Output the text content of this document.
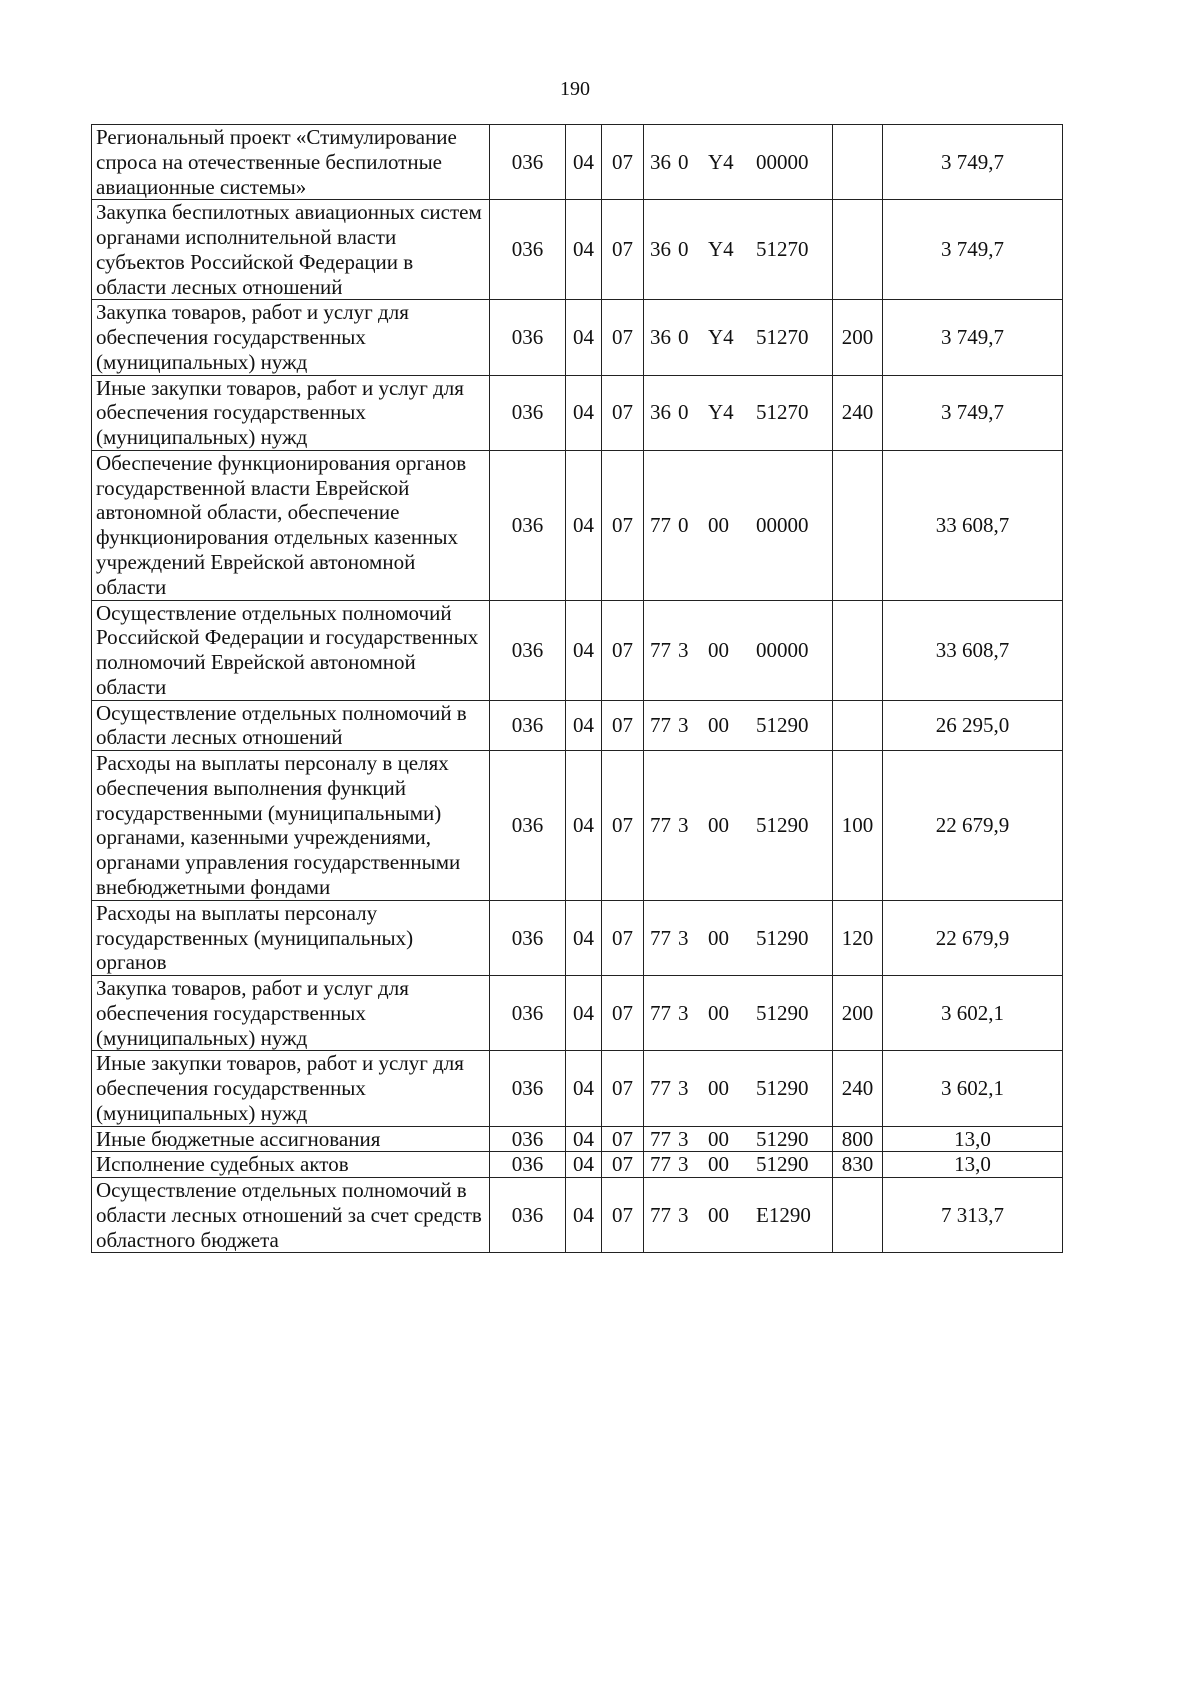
190
Региональный проект «Стимулирование спроса на отечественные беспилотные авиационные системы»	036	04	07	36 0 Y4 00000		3 749,7
Закупка беспилотных авиационных систем органами исполнительной власти субъектов Российской Федерации в области лесных отношений	036	04	07	36 0 Y4 51270		3 749,7
Закупка товаров, работ и услуг для обеспечения государственных (муниципальных) нужд	036	04	07	36 0 Y4 51270	200	3 749,7
Иные закупки товаров, работ и услуг для обеспечения государственных (муниципальных) нужд	036	04	07	36 0 Y4 51270	240	3 749,7
Обеспечение функционирования органов государственной власти Еврейской автономной области, обеспечение функционирования отдельных казенных учреждений Еврейской автономной области	036	04	07	77 0 00 00000		33 608,7
Осуществление отдельных полномочий Российской Федерации и государственных полномочий Еврейской автономной области	036	04	07	77 3 00 00000		33 608,7
Осуществление отдельных полномочий в области лесных отношений	036	04	07	77 3 00 51290		26 295,0
Расходы на выплаты персоналу в целях обеспечения выполнения функций государственными (муниципальными) органами, казенными учреждениями, органами управления государственными внебюджетными фондами	036	04	07	77 3 00 51290	100	22 679,9
Расходы на выплаты персоналу государственных (муниципальных) органов	036	04	07	77 3 00 51290	120	22 679,9
Закупка товаров, работ и услуг для обеспечения государственных (муниципальных) нужд	036	04	07	77 3 00 51290	200	3 602,1
Иные закупки товаров, работ и услуг для обеспечения государственных (муниципальных) нужд	036	04	07	77 3 00 51290	240	3 602,1
Иные бюджетные ассигнования	036	04	07	77 3 00 51290	800	13,0
Исполнение судебных актов	036	04	07	77 3 00 51290	830	13,0
Осуществление отдельных полномочий в области лесных отношений за счет средств областного бюджета	036	04	07	77 3 00 E1290		7 313,7
